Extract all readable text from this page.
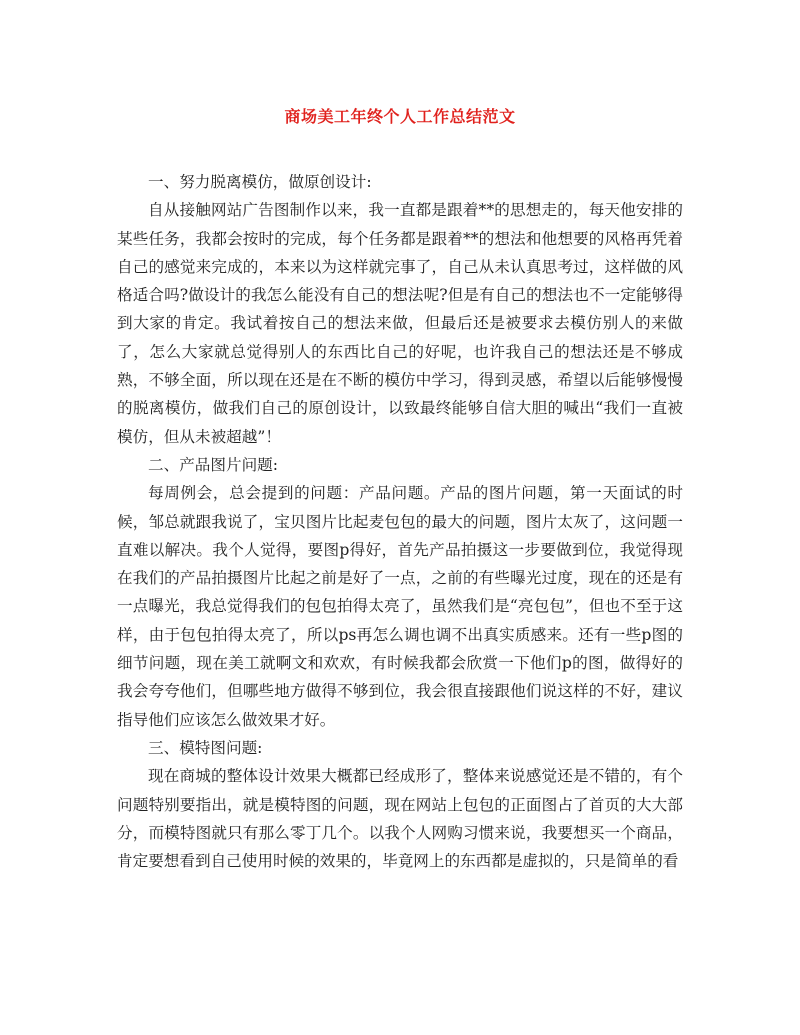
商场美工年终个人工作总结范文

一、努力脱离模仿，做原创设计:

自从接触网站广告图制作以来，我一直都是跟着**的思想走的，每天他安排的某些任务，我都会按时的完成，每个任务都是跟着**的想法和他想要的风格再凭着自己的感觉来完成的，本来以为这样就完事了，自己从未认真思考过，这样做的风格适合吗?做设计的我怎么能没有自己的想法呢?但是有自己的想法也不一定能够得到大家的肯定。我试着按自己的想法来做，但最后还是被要求去模仿别人的来做了，怎么大家就总觉得别人的东西比自己的好呢，也许我自己的想法还是不够成熟，不够全面，所以现在还是在不断的模仿中学习，得到灵感，希望以后能够慢慢的脱离模仿，做我们自己的原创设计，以致最终能够自信大胆的喊出“我们一直被模仿，但从未被超越”！

二、产品图片问题:

每周例会，总会提到的问题：产品问题。产品的图片问题，第一天面试的时候，邹总就跟我说了，宝贝图片比起麦包包的最大的问题，图片太灰了，这问题一直难以解决。我个人觉得，要图p得好，首先产品拍摄这一步要做到位，我觉得现在我们的产品拍摄图片比起之前是好了一点，之前的有些曝光过度，现在的还是有一点曝光，我总觉得我们的包包拍得太亮了，虽然我们是“亮包包”，但也不至于这样，由于包包拍得太亮了，所以ps再怎么调也调不出真实质感来。还有一些p图的细节问题，现在美工就啊文和欢欢，有时候我都会欣赏一下他们p的图，做得好的我会夸夸他们，但哪些地方做得不够到位，我会很直接跟他们说这样的不好，建议指导他们应该怎么做效果才好。

三、模特图问题:

现在商城的整体设计效果大概都已经成形了，整体来说感觉还是不错的，有个问题特别要指出，就是模特图的问题，现在网站上包包的正面图占了首页的大大部分，而模特图就只有那么零丁几个。以我个人网购习惯来说，我要想买一个商品，肯定要想看到自己使用时候的效果的，毕竟网上的东西都是虚拟的，只是简单的看
